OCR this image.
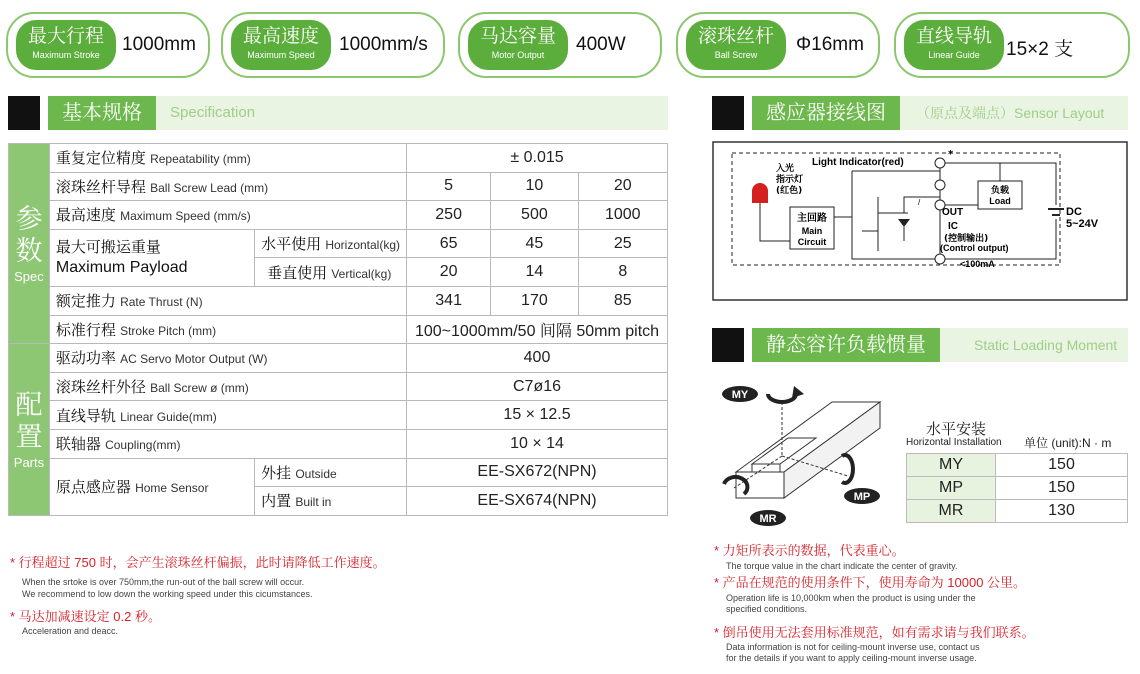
最大行程
Maximum Stroke	1000mm 最高速度
Maximum Speed	1000mm/s	马达容量
Motor Output	400W	滚珠丝杆
Ball Screw	Φ16mm	直线导轨
Linear Guide	15×2 支
基本规格	Specification
参数
Spec	重复定位精度 Repeatability (mm)		± 0.015		
	滚珠丝杆导程 Ball Screw Lead (mm)		5	10	20
	最高速度 Maximum Speed (mm/s)		250	500	1000
	最大可搬运重量
Maximum Payload	水平使用 Horizontal(kg)	65	45	25
		垂直使用 Vertical(kg)	20	14	8
	额定推力 Rate Thrust (N)		341	170	85
	标准行程 Stroke Pitch (mm)		100~1000mm/50 间隔 50mm pitch		

配置
Parts	驱动功率 AC Servo Motor Output (W)		400		
	滚珠丝杆外径 Ball Screw ø (mm)		C7ø16		
	直线导轨 Linear Guide(mm)		15 × 12.5		
	联轴器 Coupling(mm)		10 × 14		
	原点感应器 Home Sensor	外挂 Outside	EE-SX672(NPN)		
		内置 Built in	EE-SX674(NPN)		
* 行程超过 750 时，会产生滚珠丝杆偏振，此时请降低工作速度。
When the srtoke is over 750mm,the run-out of the ball screw will occur.
We recommend to low down the working speed under this cicumstances.
* 马达加减速设定 0.2 秒。
Acceleration and deacc.
感应器接线图	（原点及端点）Sensor Layout
Light Indicator(red)
入光
指示灯
(红色)
主回路
Main
Circuit
/
*
OUT
IC
(控制输出)
(Control output)
<100mA
负载
Load
DC
5~24V
静态容许负载惯量	Static Loading Moment
MY
MP
MR
水平安装
Horizontal Installation 单位 (unit):N · m
MY	150
MP	150
MR	130
* 力矩所表示的数据，代表重心。
The torque value in the chart indicate the center of gravity.
* 产品在规范的使用条件下，使用寿命为 10000 公里。
Operation life is 10,000km when the product is using under the
specified conditions.
* 倒吊使用无法套用标准规范，如有需求请与我们联系。
Data information is not for ceiling-mount inverse use, contact us
for the details if you want to apply ceiling-mount inverse usage.
